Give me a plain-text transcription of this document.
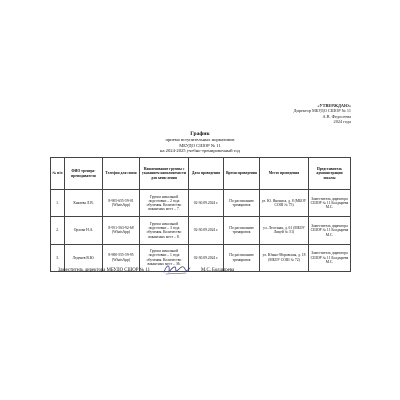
«УТВЕРЖДАЮ»
Директор МБУДО СШОР № 11
А.В. Федосеева
2024 года
График
приема вступительных нормативов
МБУДО СШОР № 11
на 2024-2025 учебно-тренировочный год
№ п/п	ФИО тренера-преподавателя	Телефон для связи	Наименование группы с указанием наполняемости для зачисления	Дата проведения	Время проведения	Место проведения	Представитель администрации школы
1.	Князева Л.В.	8-905-655-59-01 (WhatsApp)	Группа начальной подготовки – 2 года обучения. Количество вакантных мест – 7.	02-30.09.2024 г.	По расписанию тренировок	ул. Ю. Янонисa, д. 8 (МБОУ СОШ № 75)	Заместитель директора СШОР № 11 Болдырева М.С.
2.	Орлова Н.А.	8-951-563-92-68 (WhatsApp)	Группа начальной подготовки – 3 года обучения. Количество вакантных мест – 8.	02-30.09.2024 г.	По расписанию тренировок	ул. Лесозная, д. 61 (МБОУ Лицей № 51)	Заместитель директора СШОР № 11 Болдырева М.С.
3.	Леденев В.Ю.	8-980-555-59-95 (WhatsApp)	Группа начальной подготовки – 1 года обучения. Количество вакантных мест – 36.	02-30.09.2024 г.	По расписанию тренировок	ул. Южно-Моравская, д. 18 (МБОУ СОШ № 72)	Заместитель директора СШОР № 11 Болдырева М.С.
Заместитель директора МБУДО СШОР № 11	М.С. Болдырева
